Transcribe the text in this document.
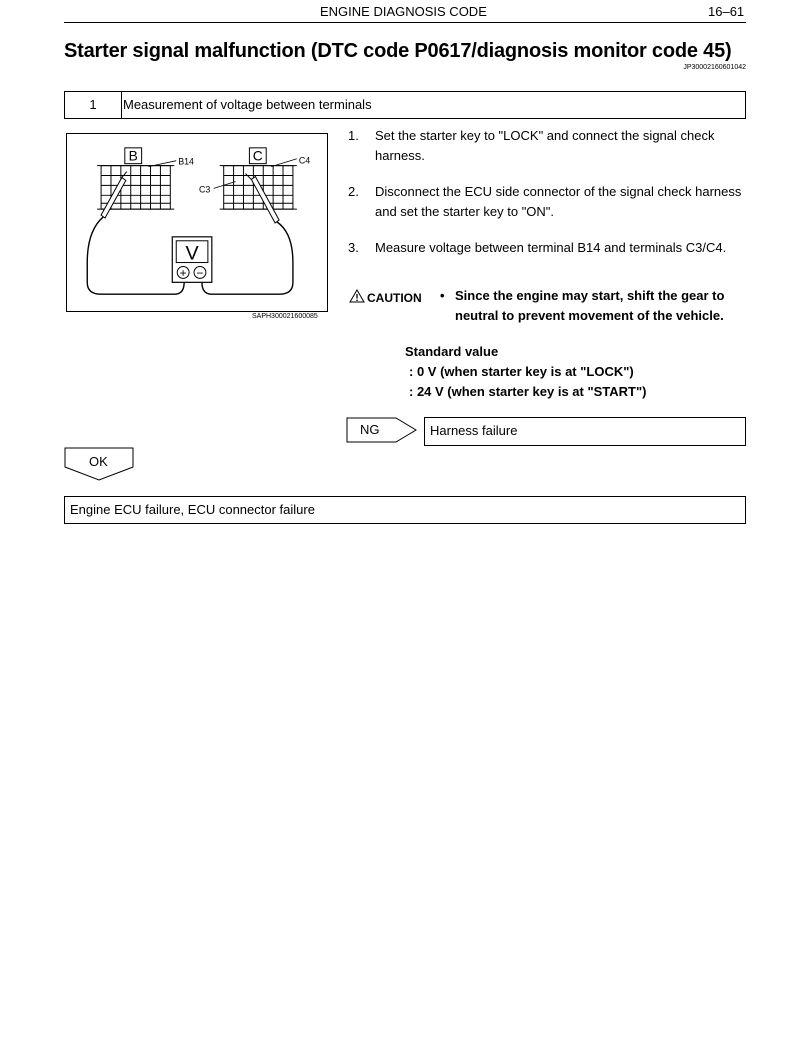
ENGINE DIAGNOSIS CODE	16–61
Starter signal malfunction (DTC code P0617/diagnosis monitor code 45)
JP30002160601042
1	Measurement of voltage between terminals
B	B14	C	C4
C3
V
+ −
SAPH300021600085
1. Set the starter key to "LOCK" and connect the signal check harness.
2. Disconnect the ECU side connector of the signal check harness and set the starter key to "ON".
3. Measure voltage between terminal B14 and terminals C3/C4.
CAUTION • Since the engine may start, shift the gear to neutral to prevent movement of the vehicle.
Standard value
: 0 V (when starter key is at "LOCK")
: 24 V (when starter key is at "START")
NG	Harness failure
OK
Engine ECU failure, ECU connector failure
